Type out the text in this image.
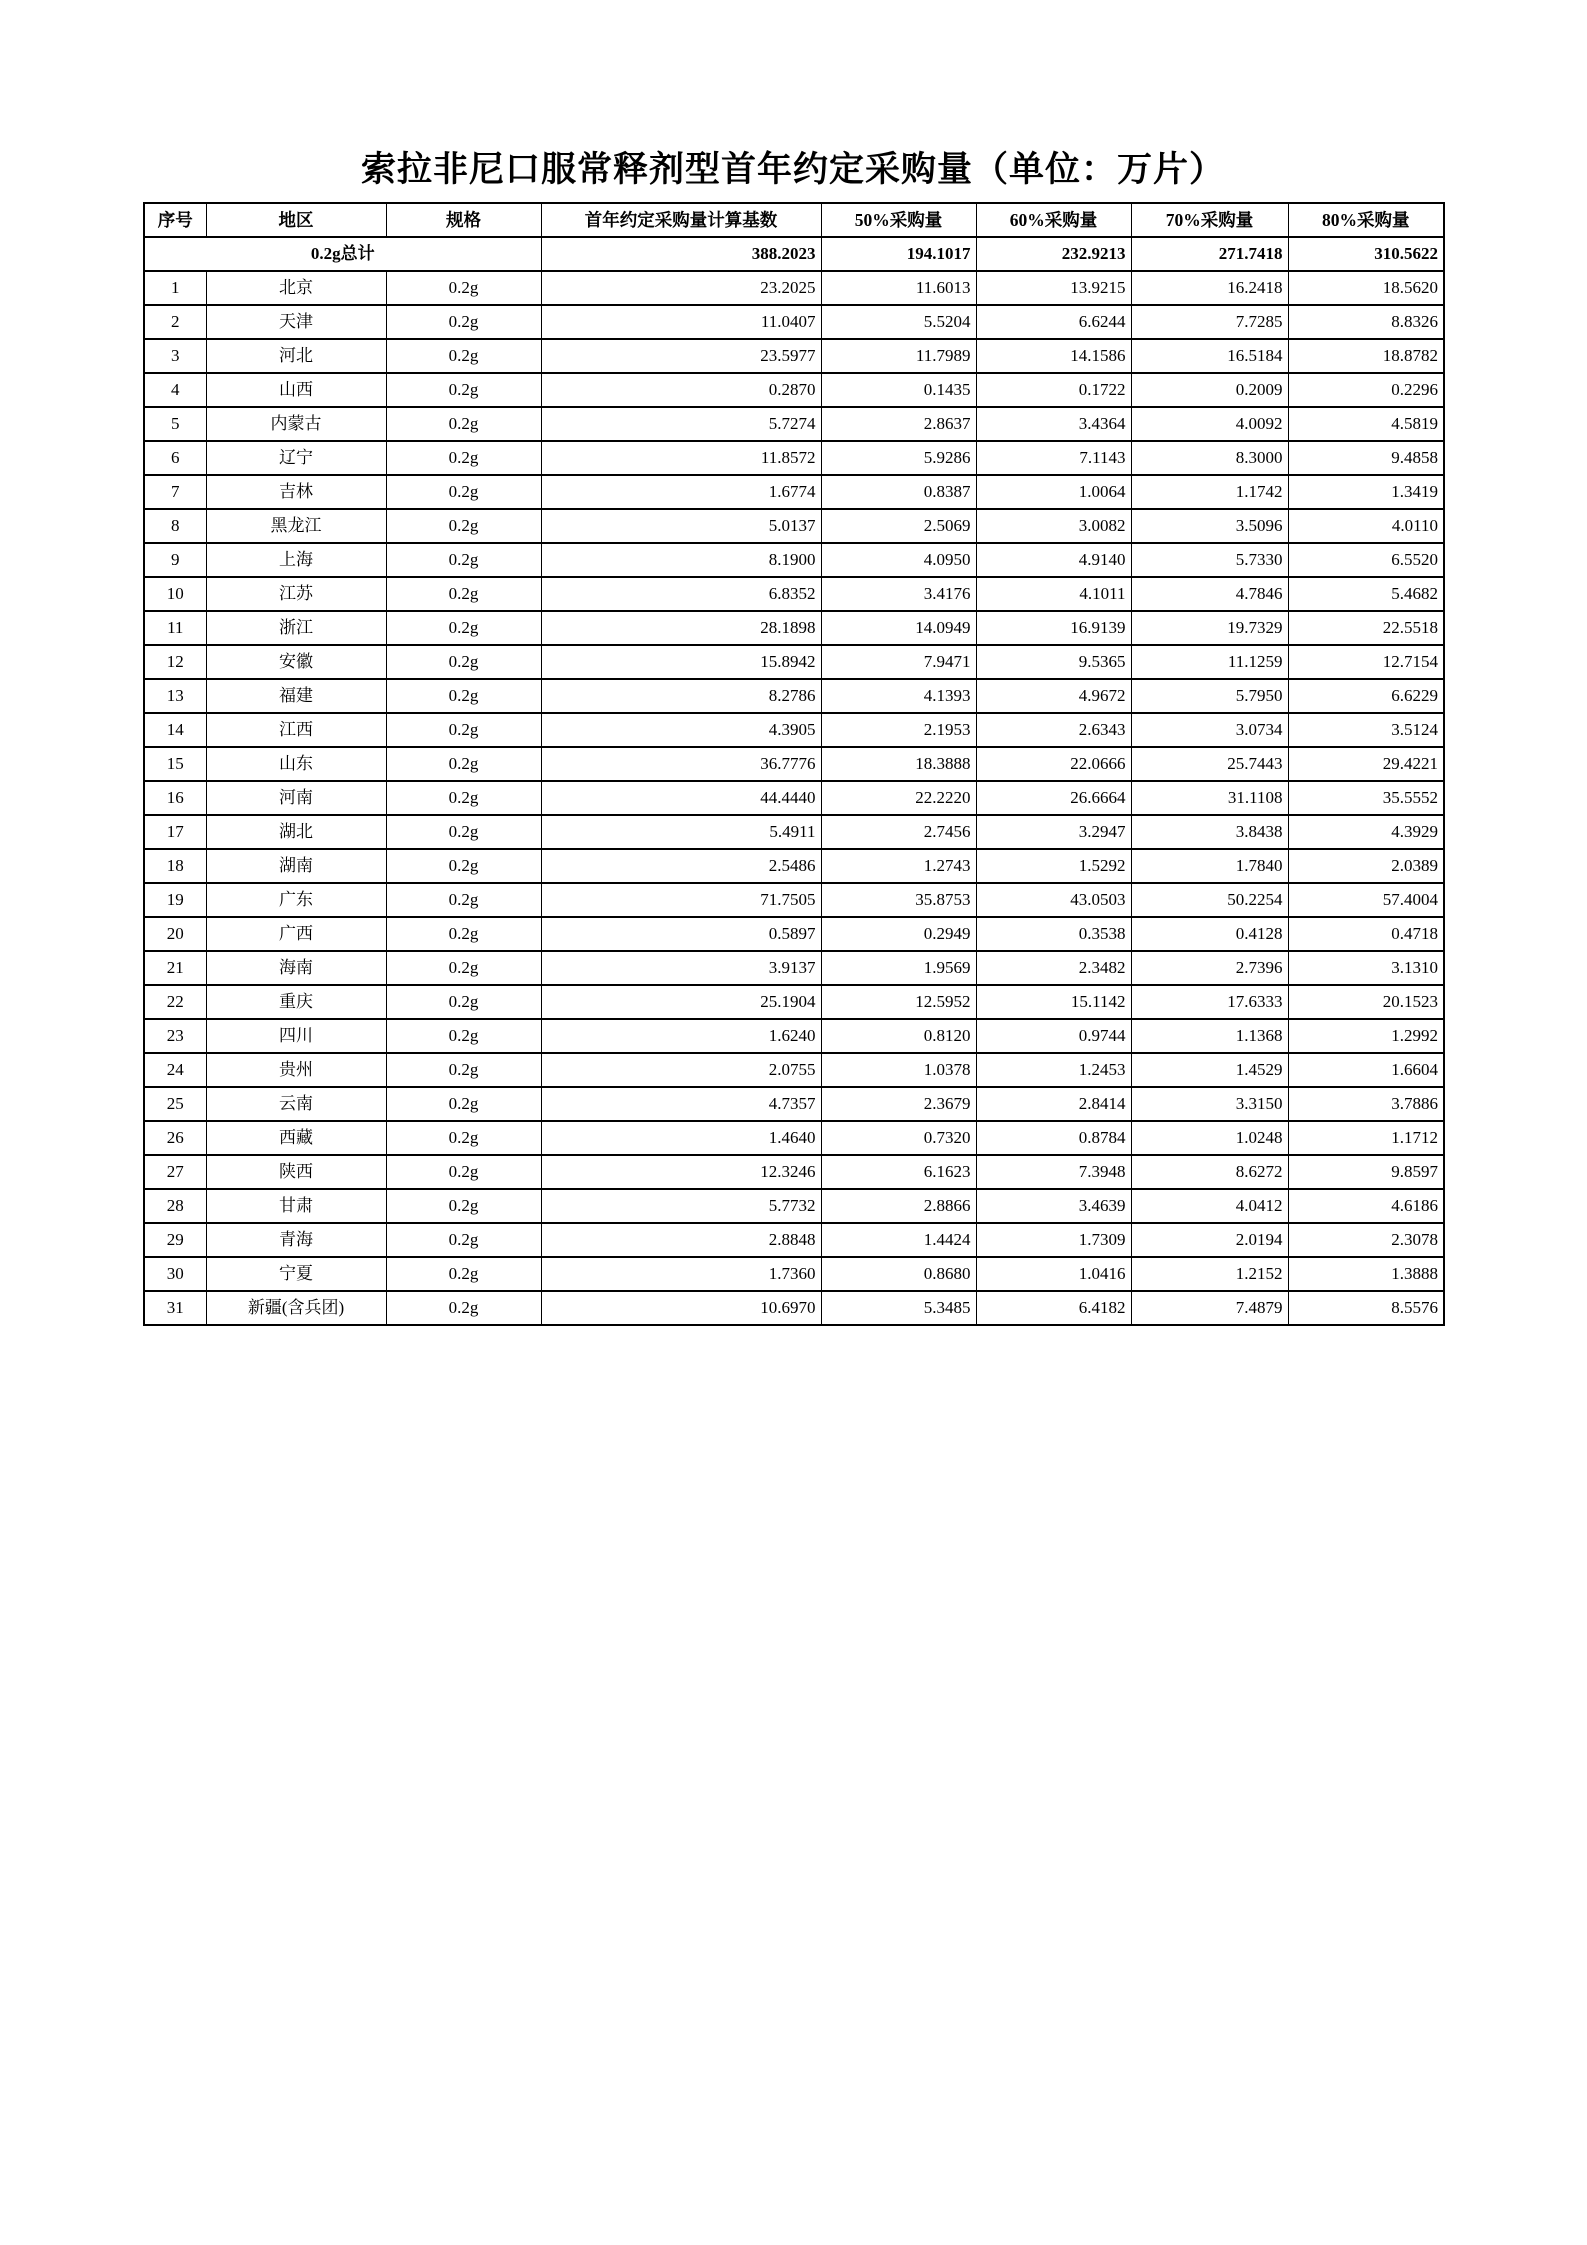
索拉非尼口服常释剂型首年约定采购量（单位：万片）
序号	地区	规格	首年约定采购量计算基数	50%采购量	60%采购量	70%采购量	80%采购量
0.2g总计			388.2023	194.1017	232.9213	271.7418	310.5622
1	北京	0.2g	23.2025	11.6013	13.9215	16.2418	18.5620
2	天津	0.2g	11.0407	5.5204	6.6244	7.7285	8.8326
3	河北	0.2g	23.5977	11.7989	14.1586	16.5184	18.8782
4	山西	0.2g	0.2870	0.1435	0.1722	0.2009	0.2296
5	内蒙古	0.2g	5.7274	2.8637	3.4364	4.0092	4.5819
6	辽宁	0.2g	11.8572	5.9286	7.1143	8.3000	9.4858
7	吉林	0.2g	1.6774	0.8387	1.0064	1.1742	1.3419
8	黑龙江	0.2g	5.0137	2.5069	3.0082	3.5096	4.0110
9	上海	0.2g	8.1900	4.0950	4.9140	5.7330	6.5520
10	江苏	0.2g	6.8352	3.4176	4.1011	4.7846	5.4682
11	浙江	0.2g	28.1898	14.0949	16.9139	19.7329	22.5518
12	安徽	0.2g	15.8942	7.9471	9.5365	11.1259	12.7154
13	福建	0.2g	8.2786	4.1393	4.9672	5.7950	6.6229
14	江西	0.2g	4.3905	2.1953	2.6343	3.0734	3.5124
15	山东	0.2g	36.7776	18.3888	22.0666	25.7443	29.4221
16	河南	0.2g	44.4440	22.2220	26.6664	31.1108	35.5552
17	湖北	0.2g	5.4911	2.7456	3.2947	3.8438	4.3929
18	湖南	0.2g	2.5486	1.2743	1.5292	1.7840	2.0389
19	广东	0.2g	71.7505	35.8753	43.0503	50.2254	57.4004
20	广西	0.2g	0.5897	0.2949	0.3538	0.4128	0.4718
21	海南	0.2g	3.9137	1.9569	2.3482	2.7396	3.1310
22	重庆	0.2g	25.1904	12.5952	15.1142	17.6333	20.1523
23	四川	0.2g	1.6240	0.8120	0.9744	1.1368	1.2992
24	贵州	0.2g	2.0755	1.0378	1.2453	1.4529	1.6604
25	云南	0.2g	4.7357	2.3679	2.8414	3.3150	3.7886
26	西藏	0.2g	1.4640	0.7320	0.8784	1.0248	1.1712
27	陕西	0.2g	12.3246	6.1623	7.3948	8.6272	9.8597
28	甘肃	0.2g	5.7732	2.8866	3.4639	4.0412	4.6186
29	青海	0.2g	2.8848	1.4424	1.7309	2.0194	2.3078
30	宁夏	0.2g	1.7360	0.8680	1.0416	1.2152	1.3888
31	新疆(含兵团)	0.2g	10.6970	5.3485	6.4182	7.4879	8.5576
